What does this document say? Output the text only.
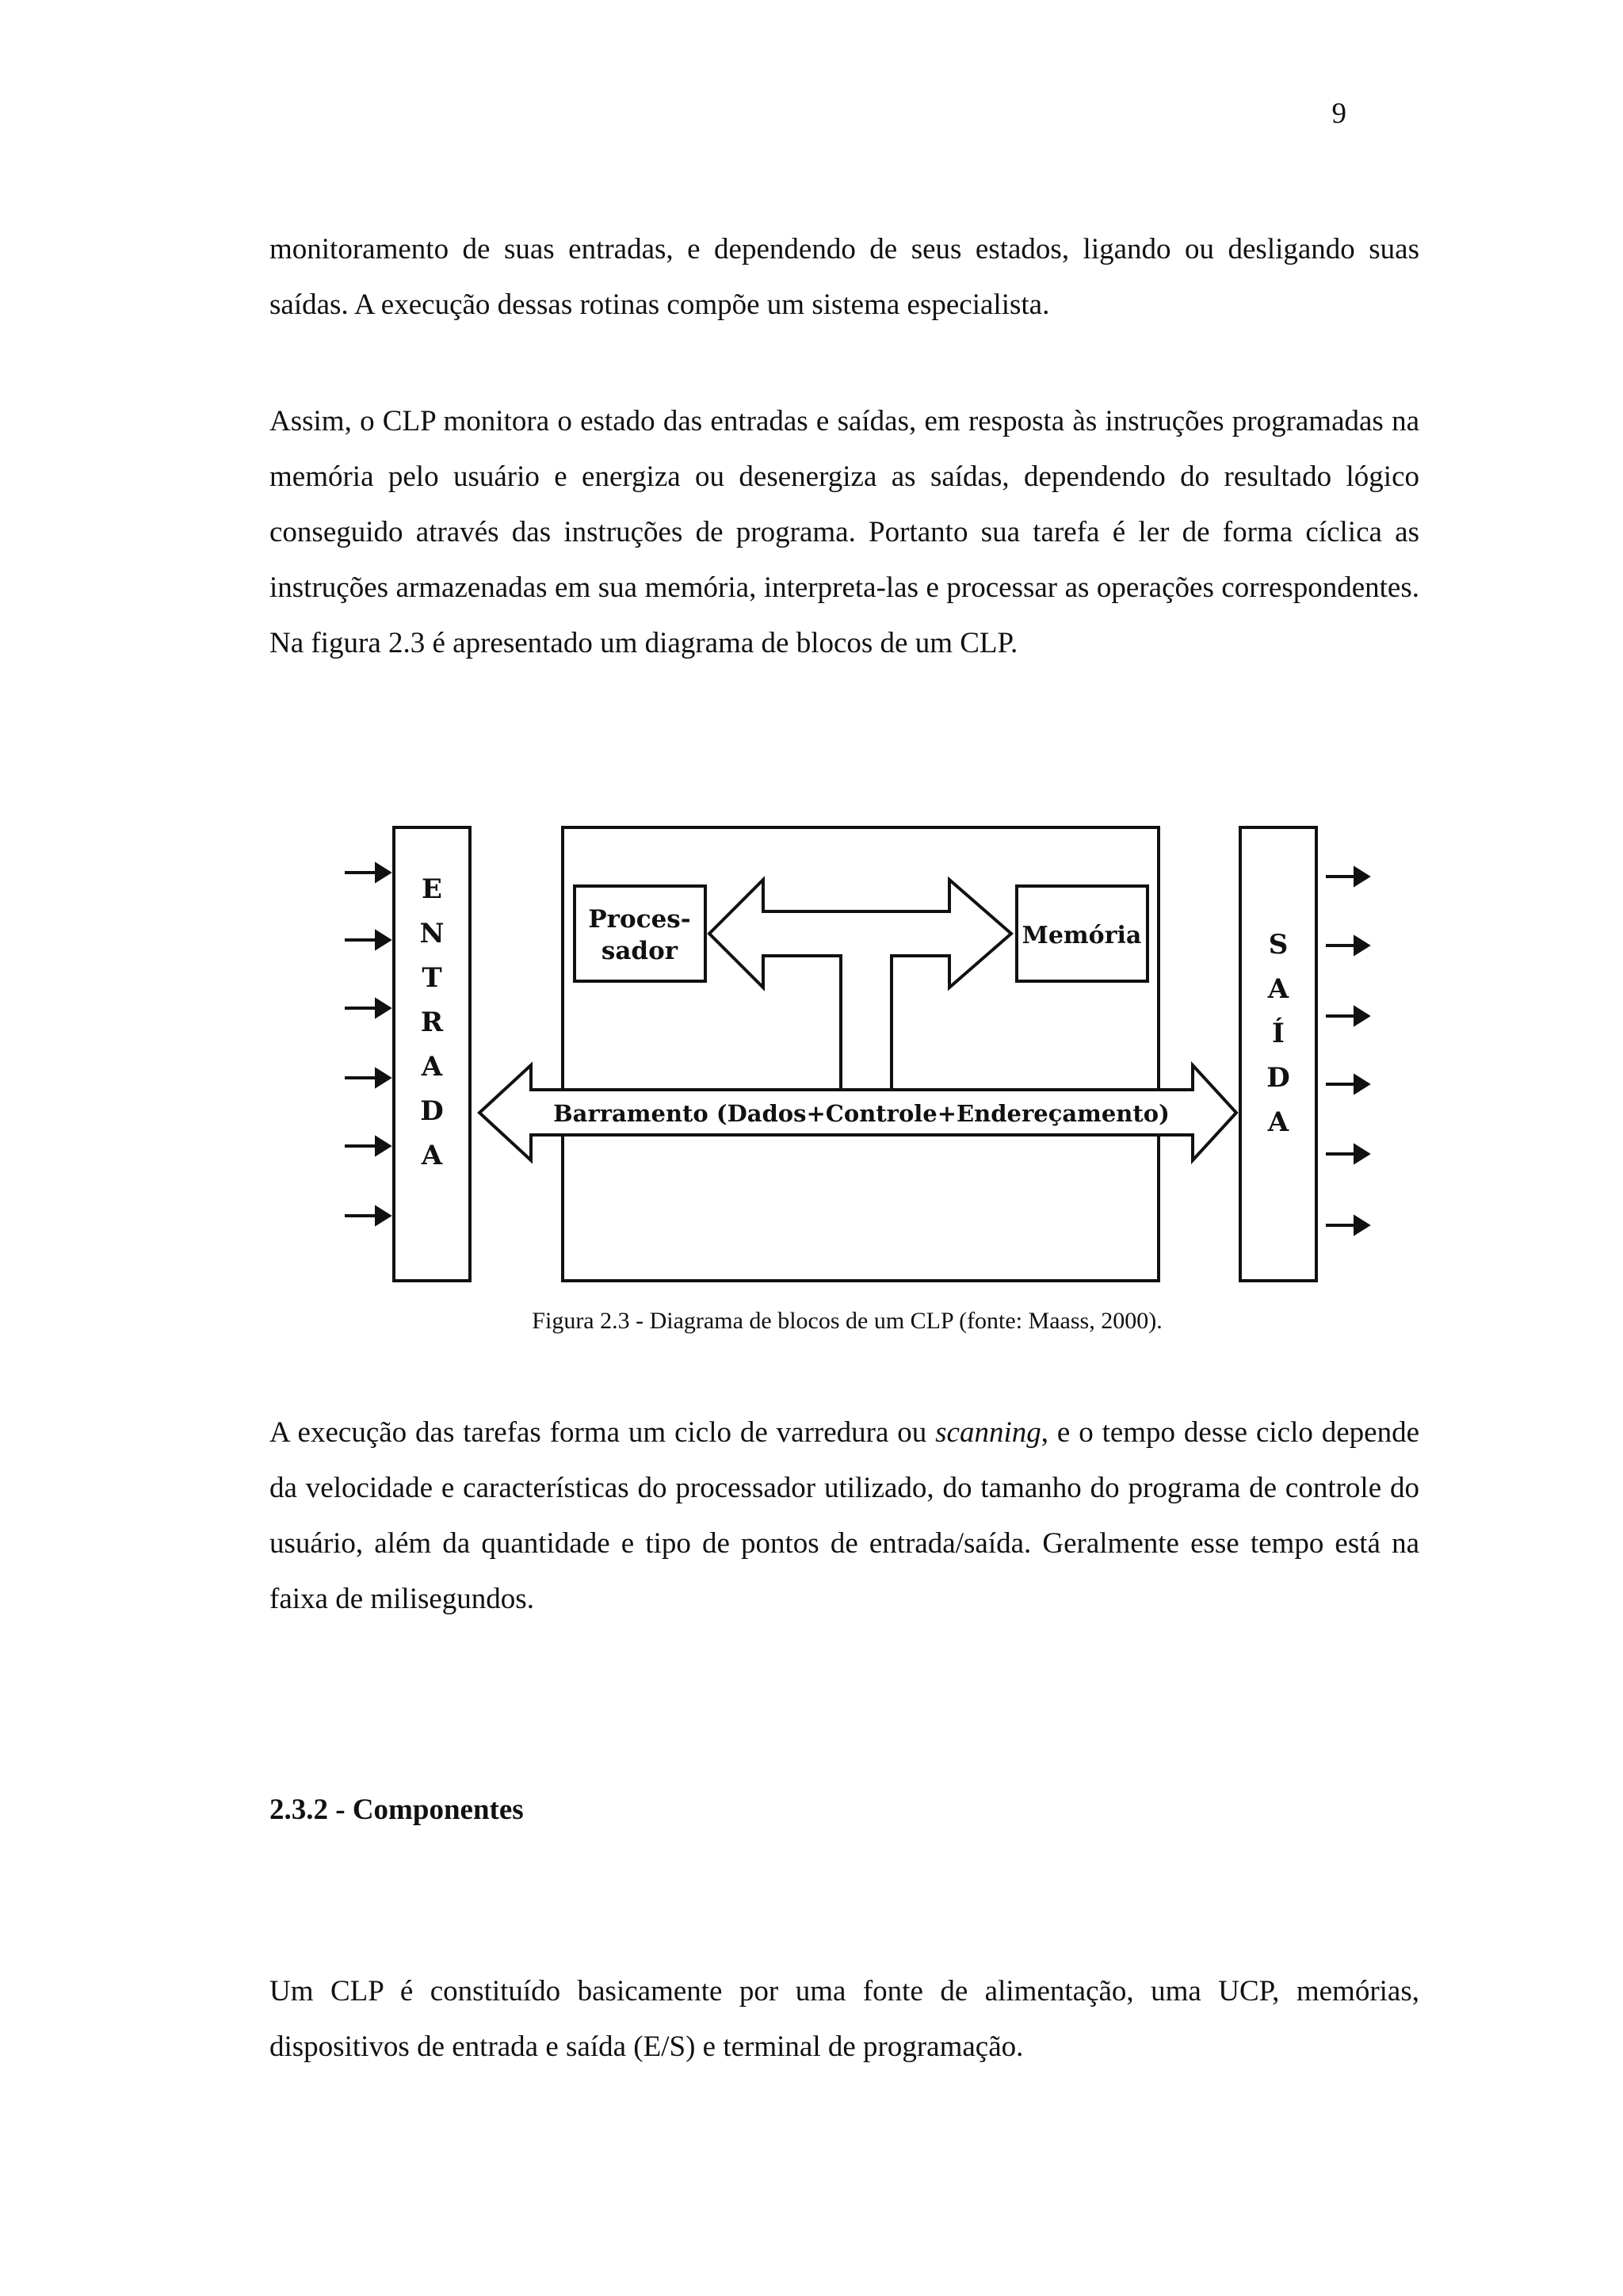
9

monitoramento de suas entradas, e dependendo de seus estados, ligando ou desligando suas saídas. A execução dessas rotinas compõe um sistema especialista.

Assim, o CLP monitora o estado das entradas e saídas, em resposta às instruções programadas na memória pelo usuário e energiza ou desenergiza as saídas, dependendo do resultado lógico conseguido através das instruções de programa. Portanto sua tarefa é ler de forma cíclica as instruções armazenadas em sua memória, interpreta-las e processar as operações correspondentes. Na figura 2.3 é apresentado um diagrama de blocos de um CLP.

E
N
T
R
A
D
A
S
A
Í
D
A
Proces-
sador
Memória
Barramento (Dados+Controle+Endereçamento)
Figura 2.3 - Diagrama de blocos de um CLP (fonte: Maass, 2000).

A execução das tarefas forma um ciclo de varredura ou scanning, e o tempo desse ciclo depende da velocidade e características do processador utilizado, do tamanho do programa de controle do usuário, além da quantidade e tipo de pontos de entrada/saída. Geralmente esse tempo está na faixa de milisegundos.

2.3.2 - Componentes

Um CLP é constituído basicamente por uma fonte de alimentação, uma UCP, memórias, dispositivos de entrada e saída (E/S) e terminal de programação.
